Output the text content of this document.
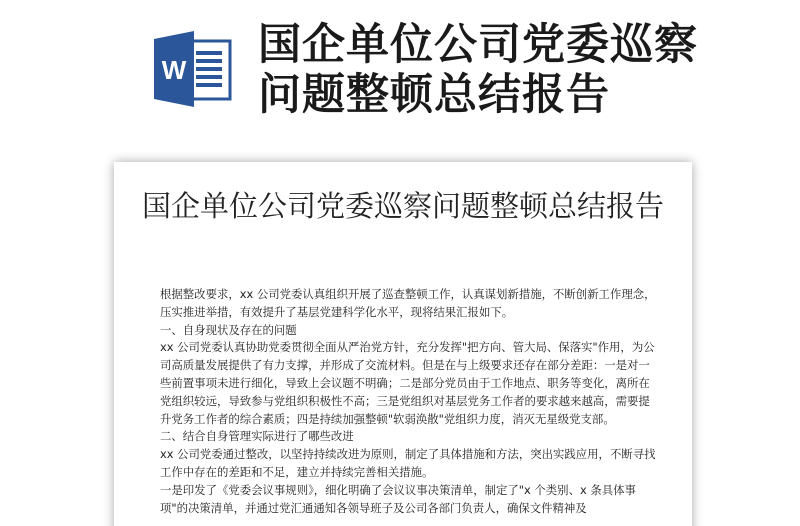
W 国企单位公司党委巡察问题整顿总结报告
国企单位公司党委巡察问题整顿总结报告

根据整改要求，xx 公司党委认真组织开展了巡查整顿工作，认真谋划新措施，不断创新工作理念，压实推进举措，有效提升了基层党建科学化水平，现将结果汇报如下。

一、自身现状及存在的问题

xx 公司党委认真协助党委贯彻全面从严治党方针，充分发挥"把方向、管大局、保落实"作用，为公司高质量发展提供了有力支撑，并形成了交流材料。但是在与上级要求还存在部分差距：一是对一些前置事项未进行细化，导致上会议题不明确；二是部分党员由于工作地点、职务等变化，离所在党组织较远，导致参与党组织积极性不高；三是党组织对基层党务工作者的要求越来越高，需要提升党务工作者的综合素质；四是持续加强整顿"软弱涣散"党组织力度，消灭无星级党支部。

二、结合自身管理实际进行了哪些改进

xx 公司党委通过整改，以坚持持续改进为原则，制定了具体措施和方法，突出实践应用，不断寻找工作中存在的差距和不足，建立并持续完善相关措施。

一是印发了《党委会议事规则》，细化明确了会议议事决策清单，制定了"x 个类别、x 条具体事项"的决策清单，并通过党汇通通知各领导班子及公司各部门负责人，确保文件精神及
